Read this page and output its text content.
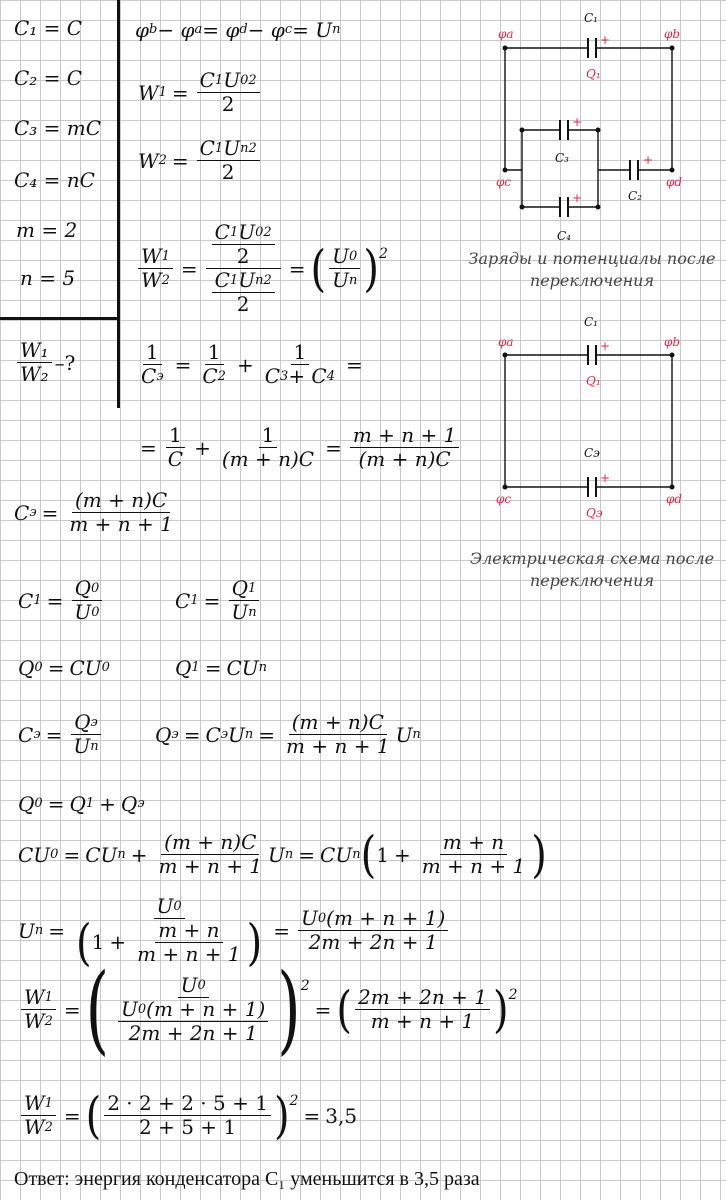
C₁ = C
C₂ = C
C₃ = mC
C₄ = nC
m = 2
n = 5
$\frac{\text{W₁}}{\text{W₂}}$ –?
φ b − φ a = φ d − φ c = U n
W $1 = \frac{C 1 U 0 2}{2}$
W $2 = \frac{\text{C 1 U n 2}}{2}$
$\frac{W 1}{W 2} = \frac{\frac{C 1 U 0 2}{2}}{\frac{\text{C 1 U n 2}}{2}}$ = ( $\frac{U 0}{\text{U n}}$ ) 2
$\frac{1}{\text{C э}} = \frac{1}{C 2} + \frac{1}{C 3 + C 4}$ =
= $\frac{1}{C} + \frac{1}{(m + n)C} = \frac{m + n + 1}{(m + n)C}$
C $э = \frac{(m + n)C}{m + n + 1}$
C $1 = \frac{Q 0}{U 0}$	C $1 = \frac{Q 1}{\text{U n}}$
Q 0 = CU 0	Q 1 = CU n
C $э = \frac{\text{Q э}}{\text{U n}}$	Q э = C э U $n = \frac{(m + n)C}{m + n + 1}$ U n
Q 0 = Q 1 + Q э
CU 0 = CU $n + \frac{(m + n)C}{m + n + 1}$ U n = CU n ( $1 + \frac{m + n}{m + n + 1}$ )
U $n = \frac{U 0}{( 1 + \frac{m + n}{m + n + 1} )} = \frac{U 0 (m + n + 1)}{2m + 2n + 1}$
$\frac{W 1}{W 2}$ = ( $\frac{U 0}{\frac{U 0 (m + n + 1)}{2m + 2n + 1}}$ ) 2
= ( $\frac{2m + 2n + 1}{m + n + 1}$ ) 2
$\frac{W 1}{W 2}$ = ( $\frac{2 \cdot 2 + 2 \cdot 5 + 1}{2 + 5 + 1}$ ) 2
= 3,5
Ответ: энергия конденсатора C₁ уменьшится в 3,5 раза
C₁
C₃
C₂
C₄
φa	φb
φc	φd
Q₁
+
+
+
+
C₁
Cэ
φa	φb
φc	φd
Q₁
Qэ
+
+
Заряды и потенциалы после переключения
Электрическая схема после переключения
